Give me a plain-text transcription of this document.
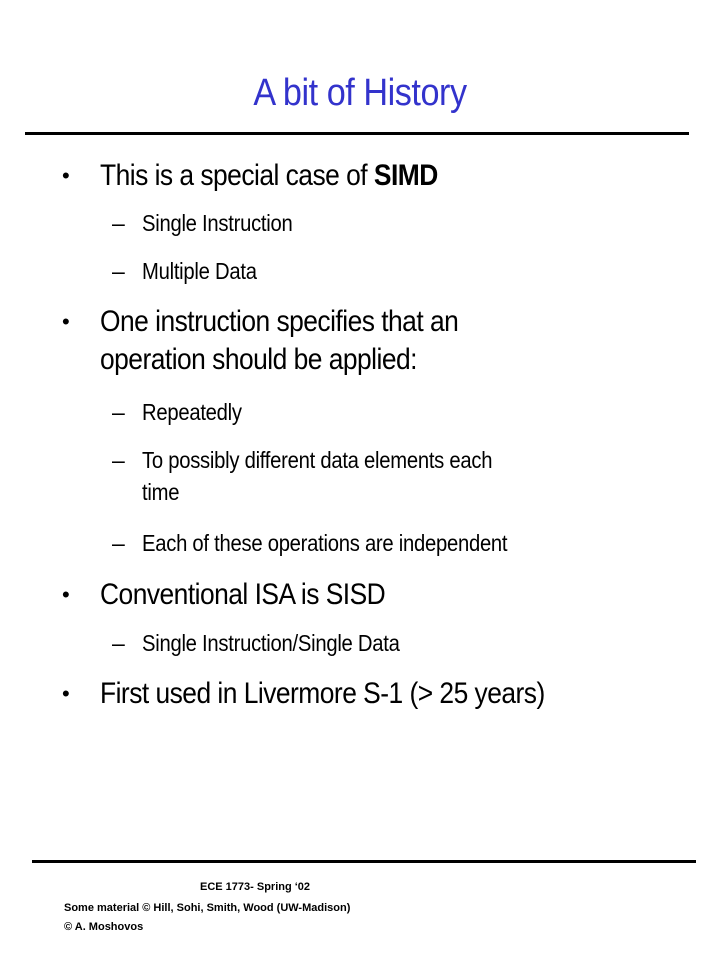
A bit of History
•	This is a special case of SIMD
– Single Instruction
– Multiple Data
•	One instruction specifies that an
operation should be applied:
– Repeatedly
– To possibly different data elements each
time
– Each of these operations are independent
•	Conventional ISA is SISD
– Single Instruction/Single Data
•	First used in Livermore S-1 (> 25 years)
ECE 1773- Spring ‘02
Some material © Hill, Sohi, Smith, Wood (UW-Madison)
© A. Moshovos
